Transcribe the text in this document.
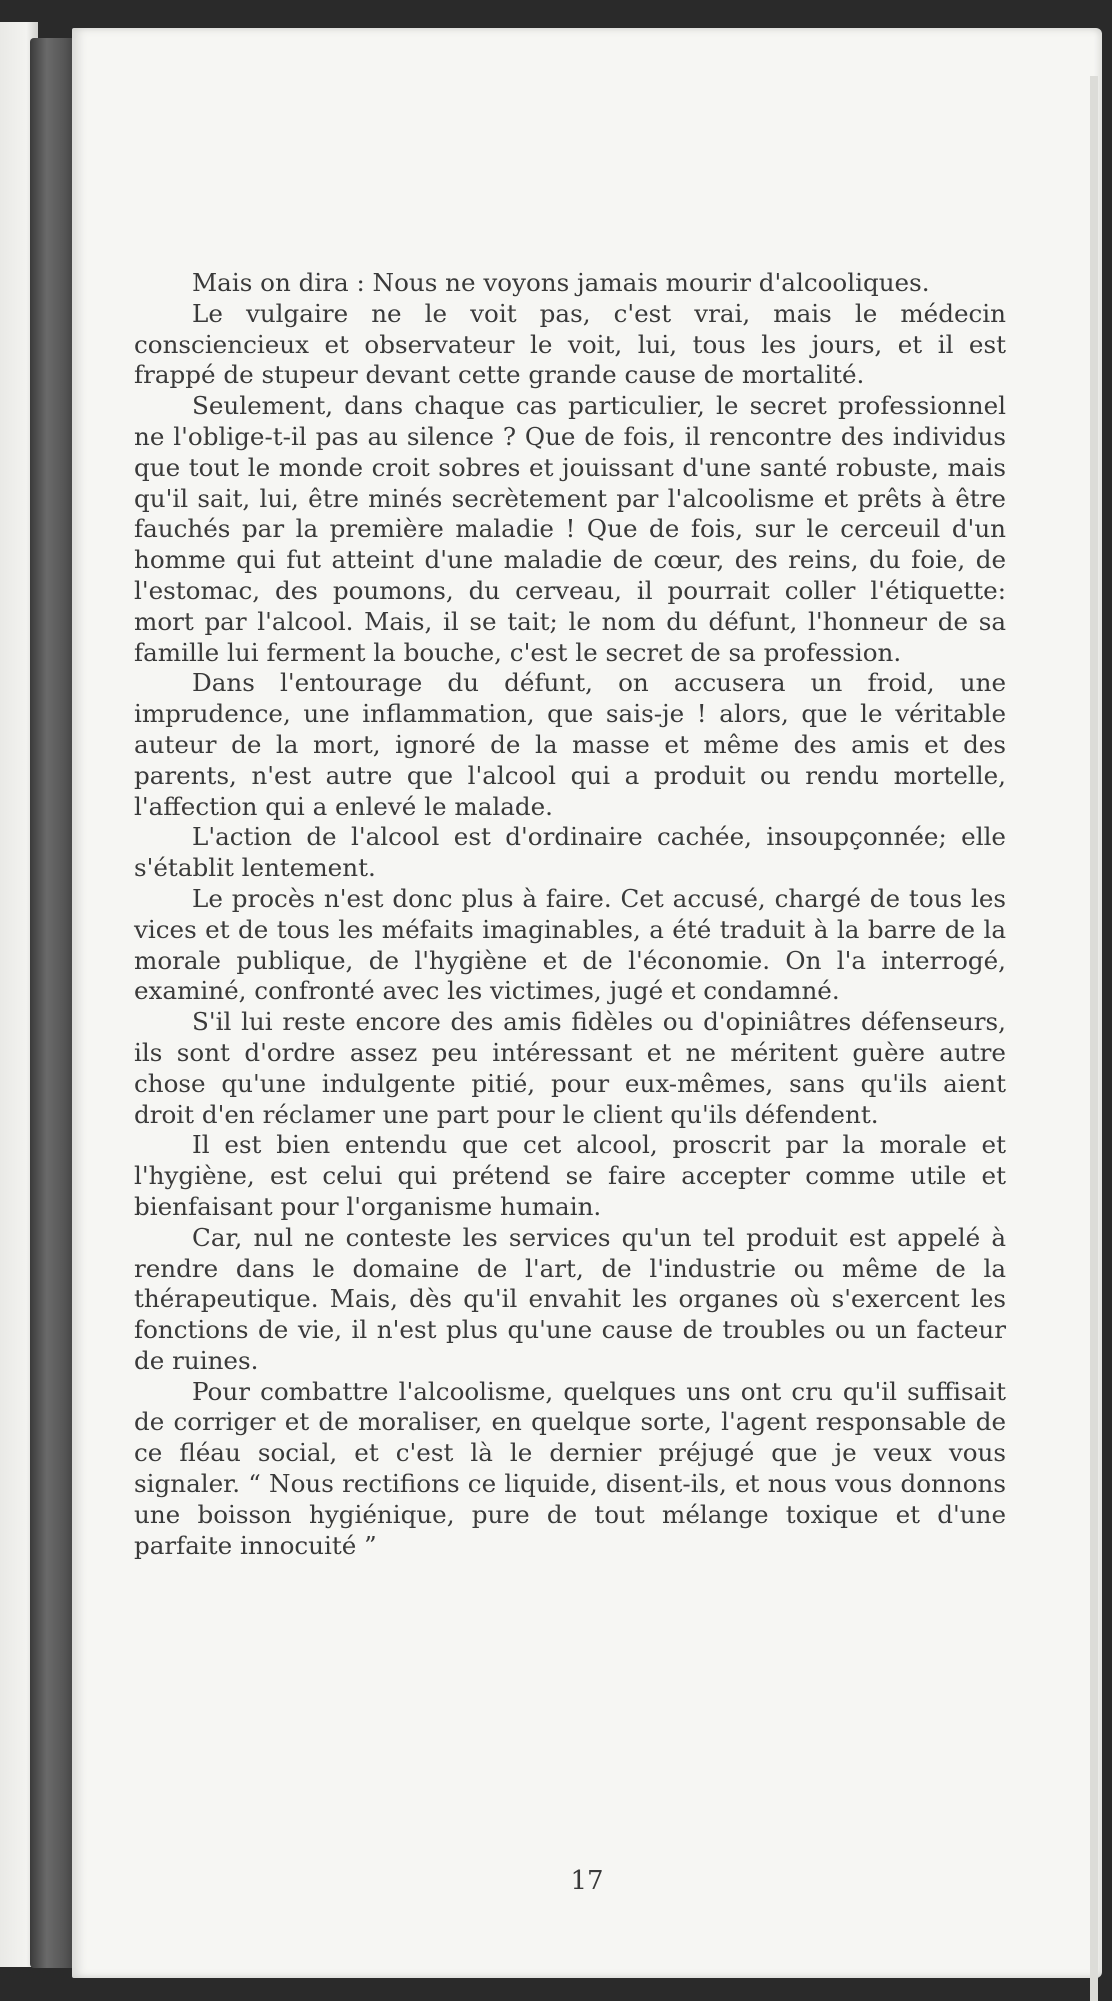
Mais on dira : Nous ne voyons jamais mourir d'alcooliques.

Le vulgaire ne le voit pas, c'est vrai, mais le médecin consciencieux et observateur le voit, lui, tous les jours, et il est frappé de stupeur devant cette grande cause de mortalité.

Seulement, dans chaque cas particulier, le secret professionnel ne l'oblige-t-il pas au silence ? Que de fois, il rencontre des individus que tout le monde croit sobres et jouissant d'une santé robuste, mais qu'il sait, lui, être minés secrètement par l'alcoolisme et prêts à être fauchés par la première maladie ! Que de fois, sur le cerceuil d'un homme qui fut atteint d'une maladie de cœur, des reins, du foie, de l'estomac, des poumons, du cerveau, il pourrait coller l'étiquette: mort par l'alcool. Mais, il se tait; le nom du défunt, l'honneur de sa famille lui ferment la bouche, c'est le secret de sa profession.

Dans l'entourage du défunt, on accusera un froid, une imprudence, une inflammation, que sais-je ! alors, que le véritable auteur de la mort, ignoré de la masse et même des amis et des parents, n'est autre que l'alcool qui a produit ou rendu mortelle, l'affection qui a enlevé le malade.

L'action de l'alcool est d'ordinaire cachée, insoupçonnée; elle s'établit lentement.

Le procès n'est donc plus à faire. Cet accusé, chargé de tous les vices et de tous les méfaits imaginables, a été traduit à la barre de la morale publique, de l'hygiène et de l'économie. On l'a interrogé, examiné, confronté avec les victimes, jugé et condamné.

S'il lui reste encore des amis fidèles ou d'opiniâtres défenseurs, ils sont d'ordre assez peu intéressant et ne méritent guère autre chose qu'une indulgente pitié, pour eux-mêmes, sans qu'ils aient droit d'en réclamer une part pour le client qu'ils défendent.

Il est bien entendu que cet alcool, proscrit par la morale et l'hygiène, est celui qui prétend se faire accepter comme utile et bienfaisant pour l'organisme humain.

Car, nul ne conteste les services qu'un tel produit est appelé à rendre dans le domaine de l'art, de l'industrie ou même de la thérapeutique. Mais, dès qu'il envahit les organes où s'exercent les fonctions de vie, il n'est plus qu'une cause de troubles ou un facteur de ruines.

Pour combattre l'alcoolisme, quelques uns ont cru qu'il suffisait de corriger et de moraliser, en quelque sorte, l'agent responsable de ce fléau social, et c'est là le dernier préjugé que je veux vous signaler. “ Nous rectifions ce liquide, disent-ils, et nous vous donnons une boisson hygiénique, pure de tout mélange toxique et d'une parfaite innocuité ”

17
